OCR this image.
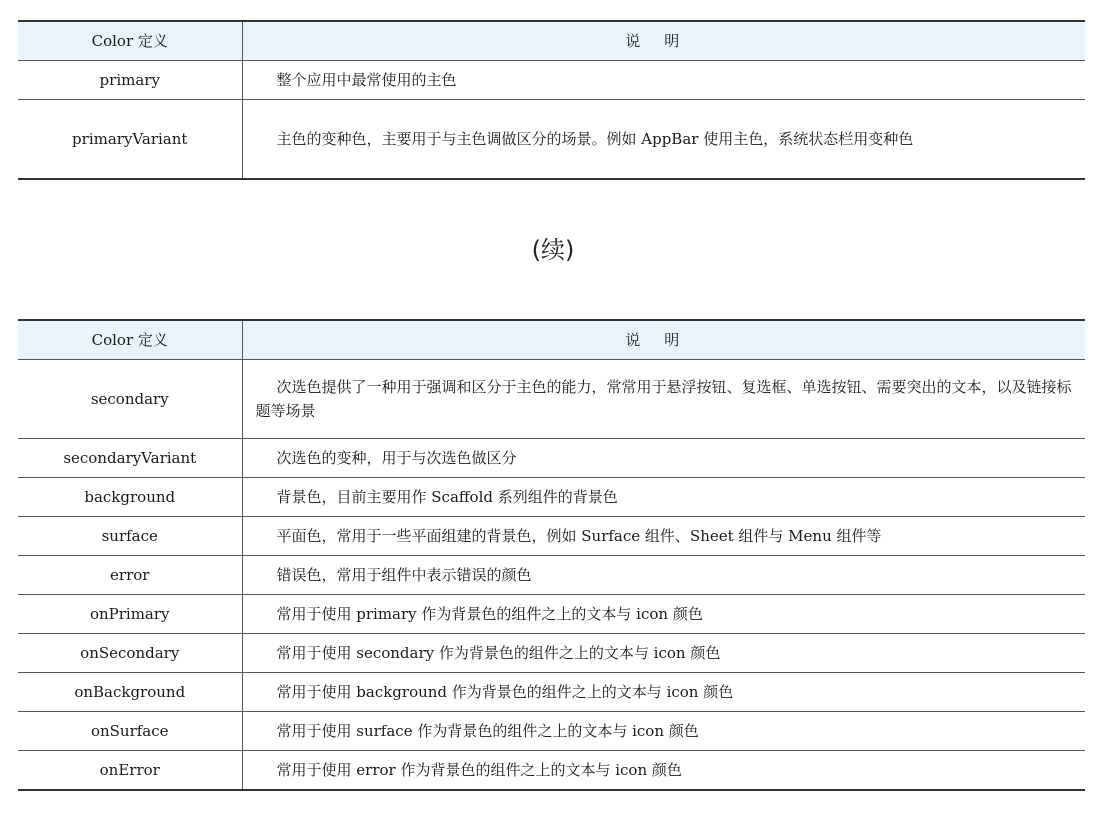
Color 定义	说明
primary	整个应用中最常使用的主色
primaryVariant	主色的变种色，主要用于与主色调做区分的场景。例如 AppBar 使用主色，系统状态栏用变种色
(续)
Color 定义	说明
secondary	次选色提供了一种用于强调和区分于主色的能力，常常用于悬浮按钮、复选框、单选按钮、需要突出的文本，以及链接标题等场景
secondaryVariant	次选色的变种，用于与次选色做区分
background	背景色，目前主要用作 Scaffold 系列组件的背景色
surface	平面色，常用于一些平面组建的背景色，例如 Surface 组件、Sheet 组件与 Menu 组件等
error	错误色，常用于组件中表示错误的颜色
onPrimary	常用于使用 primary 作为背景色的组件之上的文本与 icon 颜色
onSecondary	常用于使用 secondary 作为背景色的组件之上的文本与 icon 颜色
onBackground	常用于使用 background 作为背景色的组件之上的文本与 icon 颜色
onSurface	常用于使用 surface 作为背景色的组件之上的文本与 icon 颜色
onError	常用于使用 error 作为背景色的组件之上的文本与 icon 颜色
